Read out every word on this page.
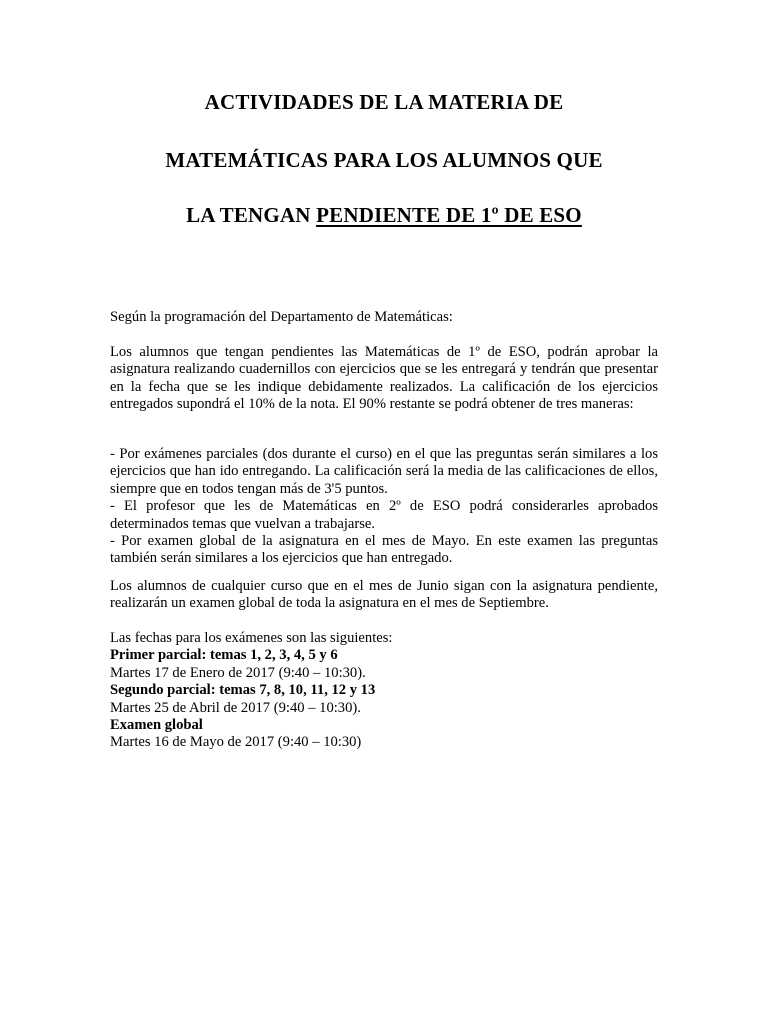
ACTIVIDADES DE LA MATERIA DE
MATEMÁTICAS PARA LOS ALUMNOS QUE
LA TENGAN PENDIENTE DE 1º DE ESO

Según la programación del Departamento de Matemáticas:

Los alumnos que tengan pendientes las Matemáticas de 1º de ESO, podrán aprobar la asignatura realizando cuadernillos con ejercicios que se les entregará y tendrán que presentar en la fecha que se les indique debidamente realizados. La calificación de los ejercicios entregados supondrá el 10% de la nota. El 90% restante se podrá obtener de tres maneras:

- Por exámenes parciales (dos durante el curso) en el que las preguntas serán similares a los ejercicios que han ido entregando. La calificación será la media de las calificaciones de ellos, siempre que en todos tengan más de 3'5 puntos.

- El profesor que les de Matemáticas en 2º de ESO podrá considerarles aprobados determinados temas que vuelvan a trabajarse.

- Por examen global de la asignatura en el mes de Mayo. En este examen las preguntas también serán similares a los ejercicios que han entregado.

Los alumnos de cualquier curso que en el mes de Junio sigan con la asignatura pendiente, realizarán un examen global de toda la asignatura en el mes de Septiembre.

Las fechas para los exámenes son las siguientes:

Primer parcial: temas 1, 2, 3, 4, 5 y 6

Martes 17 de Enero de 2017 (9:40 – 10:30).

Segundo parcial: temas 7, 8, 10, 11, 12 y 13

Martes 25 de Abril de 2017 (9:40 – 10:30).

Examen global

Martes 16 de Mayo de 2017 (9:40 – 10:30)
